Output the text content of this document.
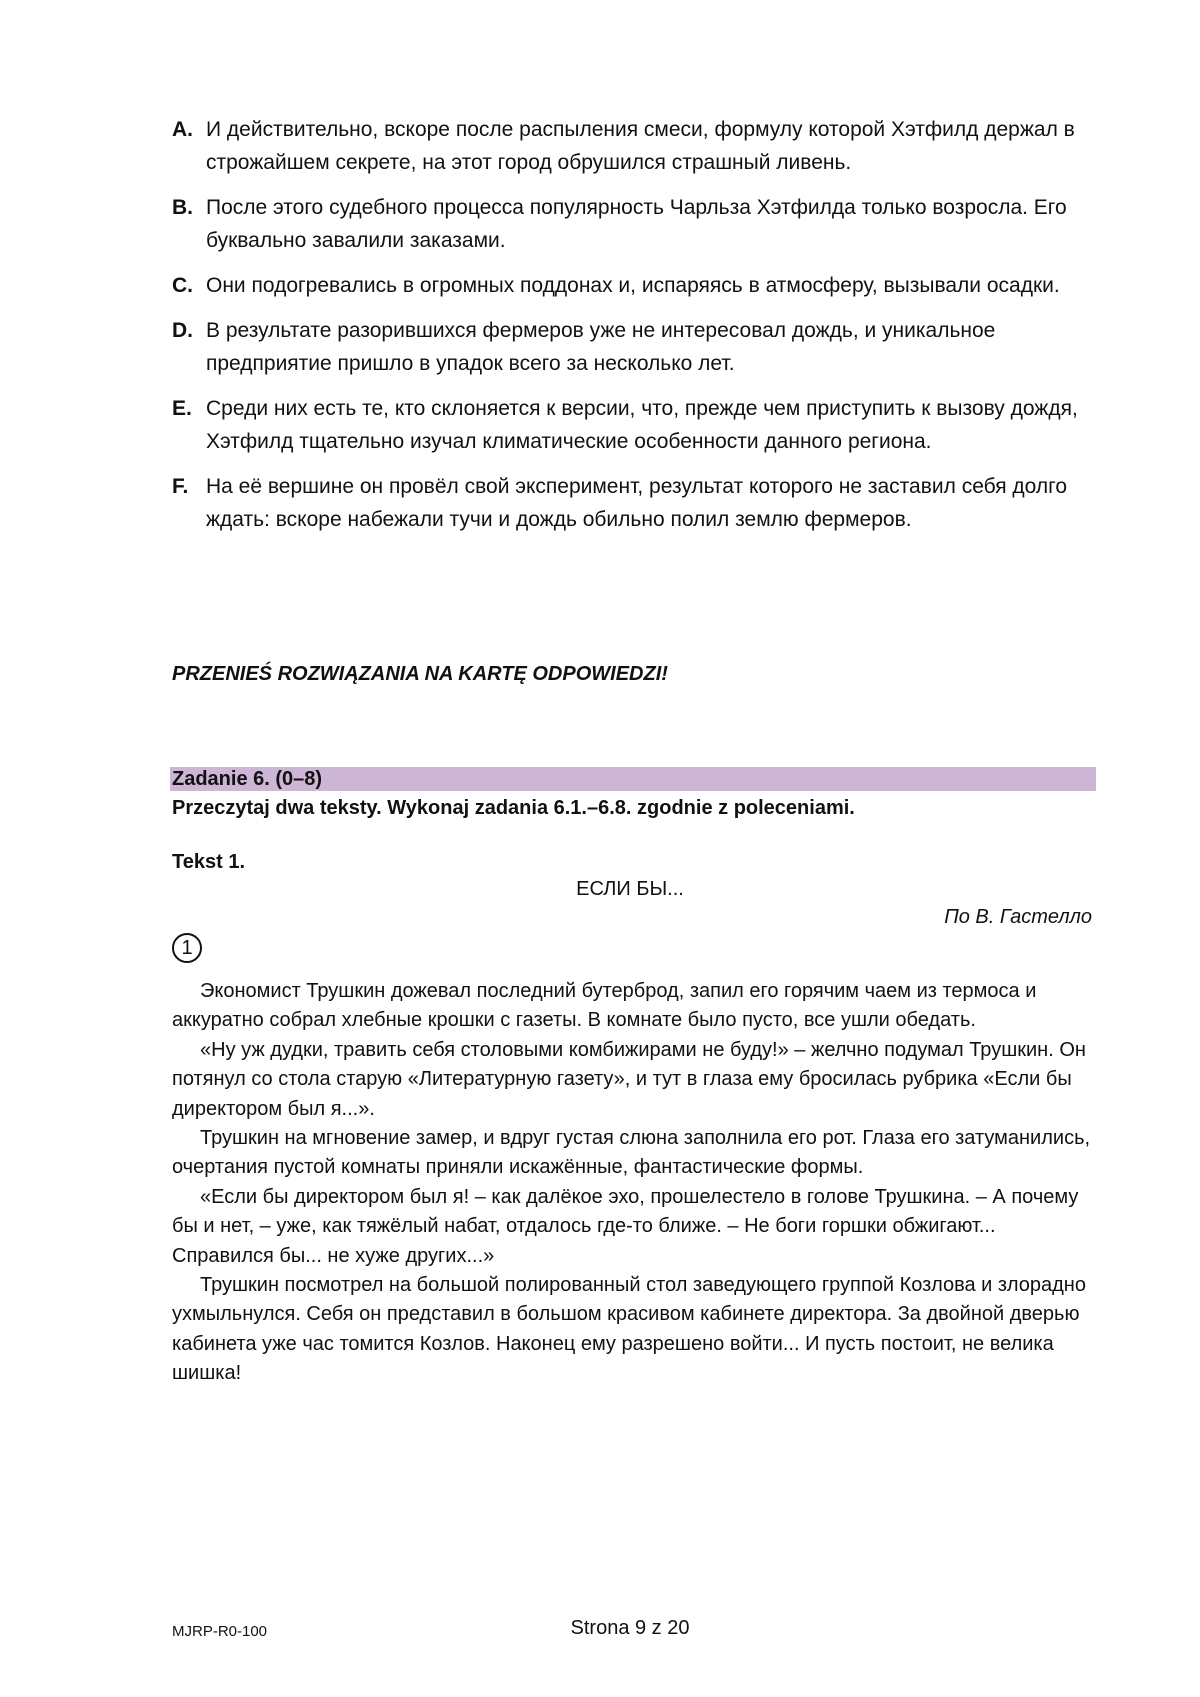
A. И действительно, вскоре после распыления смеси, формулу которой Хэтфилд держал в строжайшем секрете, на этот город обрушился страшный ливень.
B. После этого судебного процесса популярность Чарльза Хэтфилда только возросла. Его буквально завалили заказами.
C. Они подогревались в огромных поддонах и, испаряясь в атмосферу, вызывали осадки.
D. В результате разорившихся фермеров уже не интересовал дождь, и уникальное предприятие пришло в упадок всего за несколько лет.
E. Среди них есть те, кто склоняется к версии, что, прежде чем приступить к вызову дождя, Хэтфилд тщательно изучал климатические особенности данного региона.
F. На её вершине он провёл свой эксперимент, результат которого не заставил себя долго ждать: вскоре набежали тучи и дождь обильно полил землю фермеров.
PRZENIEŚ ROZWIĄZANIA NA KARTĘ ODPOWIEDZI!
Zadanie 6. (0–8)
Przeczytaj dwa teksty. Wykonaj zadania 6.1.–6.8. zgodnie z poleceniami.
Tekst 1.
ЕСЛИ БЫ...
По В. Гастелло
1

Экономист Трушкин дожевал последний бутерброд, запил его горячим чаем из термоса и аккуратно собрал хлебные крошки с газеты. В комнате было пусто, все ушли обедать.

«Ну уж дудки, травить себя столовыми комбижирами не буду!» – желчно подумал Трушкин. Он потянул со стола старую «Литературную газету», и тут в глаза ему бросилась рубрика «Если бы директором был я...».

Трушкин на мгновение замер, и вдруг густая слюна заполнила его рот. Глаза его затуманились, очертания пустой комнаты приняли искажённые, фантастические формы.

«Если бы директором был я! – как далёкое эхо, прошелестело в голове Трушкина. – А почему бы и нет, – уже, как тяжёлый набат, отдалось где-то ближе. – Не боги горшки обжигают... Справился бы... не хуже других...»

Трушкин посмотрел на большой полированный стол заведующего группой Козлова и злорадно ухмыльнулся. Себя он представил в большом красивом кабинете директора. За двойной дверью кабинета уже час томится Козлов. Наконец ему разрешено войти... И пусть постоит, не велика шишка!

MJRP-R0-100	Strona 9 z 20
